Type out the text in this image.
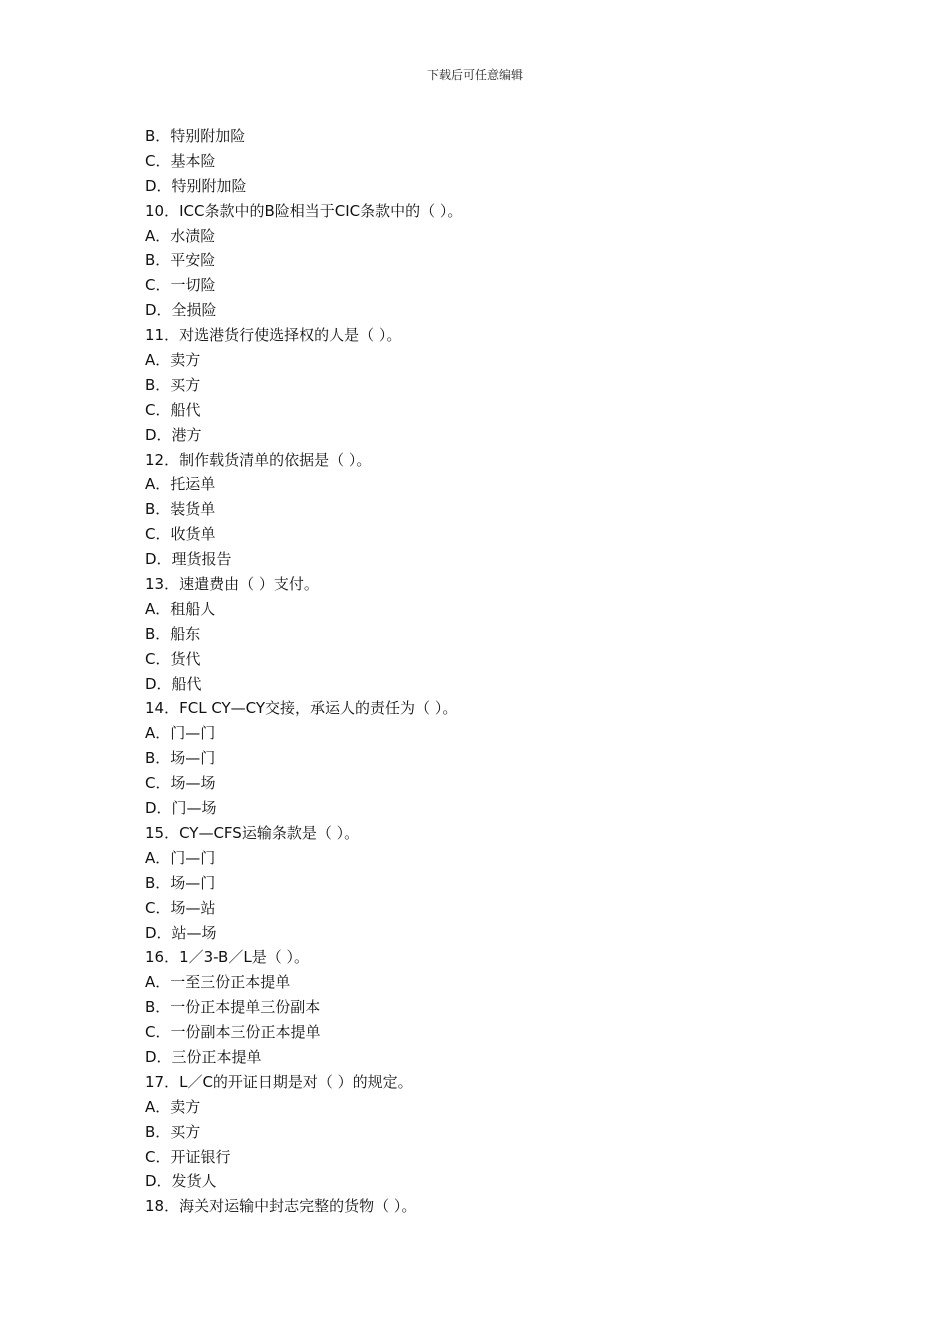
下载后可任意编辑
B．特别附加险
C．基本险
D．特别附加险
10．ICC条款中的B险相当于CIC条款中的（ ）。
A．水渍险
B．平安险
C．一切险
D．全损险
11．对选港货行使选择权的人是（ ）。
A．卖方
B．买方
C．船代
D．港方
12．制作载货清单的依据是（ ）。
A．托运单
B．装货单
C．收货单
D．理货报告
13．速遣费由（ ）支付。
A．租船人
B．船东
C．货代
D．船代
14．FCL CY—CY交接，承运人的责任为（ ）。
A．门—门
B．场—门
C．场—场
D．门—场
15．CY—CFS运输条款是（ ）。
A．门—门
B．场—门
C．场—站
D．站—场
16．1／3-B／L是（ ）。
A．一至三份正本提单
B．一份正本提单三份副本
C．一份副本三份正本提单
D．三份正本提单
17．L／C的开证日期是对（ ）的规定。
A．卖方
B．买方
C．开证银行
D．发货人
18．海关对运输中封志完整的货物（ ）。
